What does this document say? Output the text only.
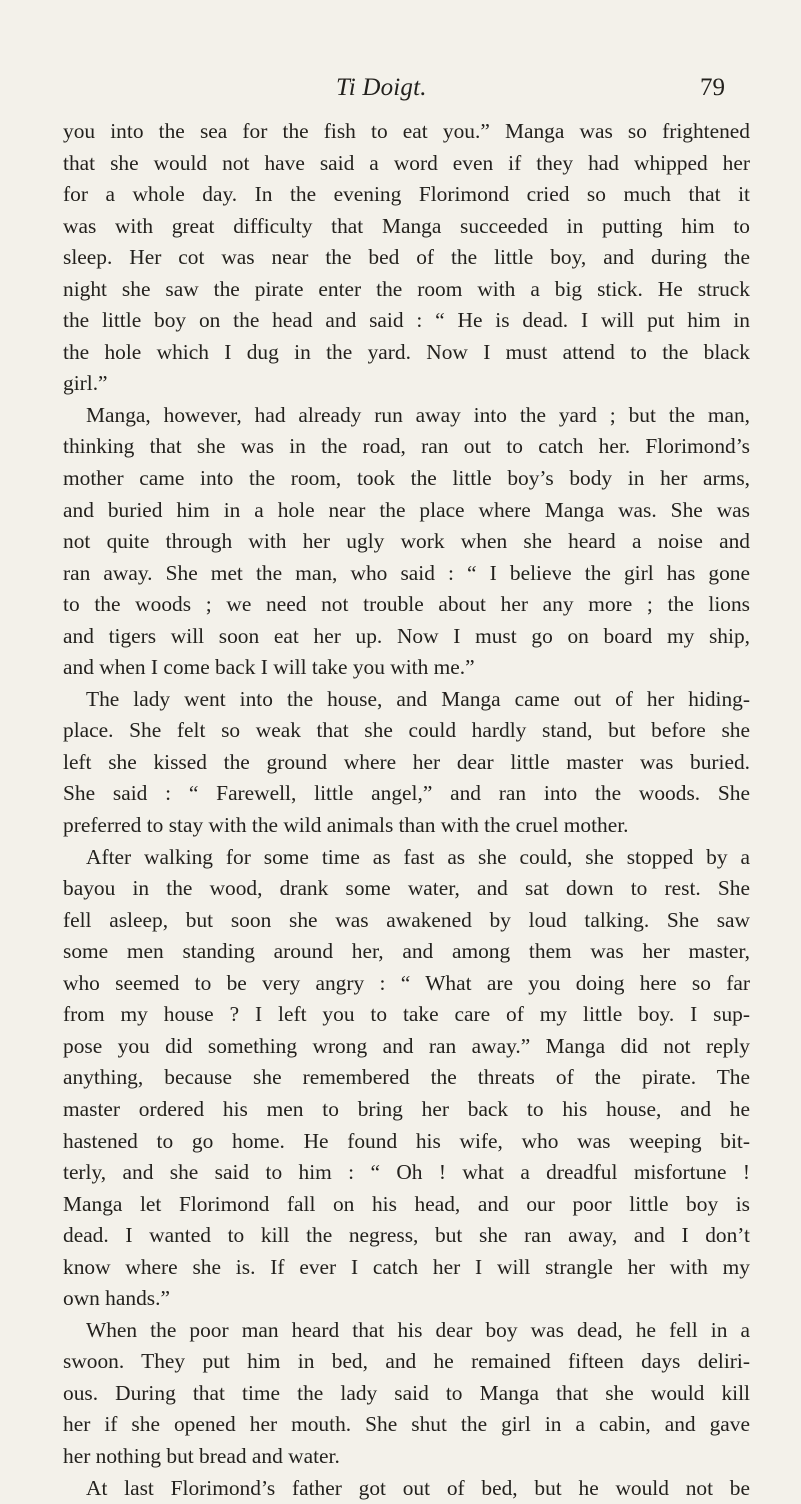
Ti Doigt.	79
you into the sea for the fish to eat you.” Manga was so frightened
that she would not have said a word even if they had whipped her
for a whole day. In the evening Florimond cried so much that it
was with great difficulty that Manga succeeded in putting him to
sleep. Her cot was near the bed of the little boy, and during the
night she saw the pirate enter the room with a big stick. He struck
the little boy on the head and said : “ He is dead. I will put him in
the hole which I dug in the yard. Now I must attend to the black
girl.”
Manga, however, had already run away into the yard ; but the man,
thinking that she was in the road, ran out to catch her. Florimond’s
mother came into the room, took the little boy’s body in her arms,
and buried him in a hole near the place where Manga was. She was
not quite through with her ugly work when she heard a noise and
ran away. She met the man, who said : “ I believe the girl has gone
to the woods ; we need not trouble about her any more ; the lions
and tigers will soon eat her up. Now I must go on board my ship,
and when I come back I will take you with me.”
The lady went into the house, and Manga came out of her hiding-
place. She felt so weak that she could hardly stand, but before she
left she kissed the ground where her dear little master was buried.
She said : “ Farewell, little angel,” and ran into the woods. She
preferred to stay with the wild animals than with the cruel mother.
After walking for some time as fast as she could, she stopped by a
bayou in the wood, drank some water, and sat down to rest. She
fell asleep, but soon she was awakened by loud talking. She saw
some men standing around her, and among them was her master,
who seemed to be very angry : “ What are you doing here so far
from my house ? I left you to take care of my little boy. I sup-
pose you did something wrong and ran away.” Manga did not reply
anything, because she remembered the threats of the pirate. The
master ordered his men to bring her back to his house, and he
hastened to go home. He found his wife, who was weeping bit-
terly, and she said to him : “ Oh ! what a dreadful misfortune !
Manga let Florimond fall on his head, and our poor little boy is
dead. I wanted to kill the negress, but she ran away, and I don’t
know where she is. If ever I catch her I will strangle her with my
own hands.”
When the poor man heard that his dear boy was dead, he fell in a
swoon. They put him in bed, and he remained fifteen days deliri-
ous. During that time the lady said to Manga that she would kill
her if she opened her mouth. She shut the girl in a cabin, and gave
her nothing but bread and water.
At last Florimond’s father got out of bed, but he would not be
